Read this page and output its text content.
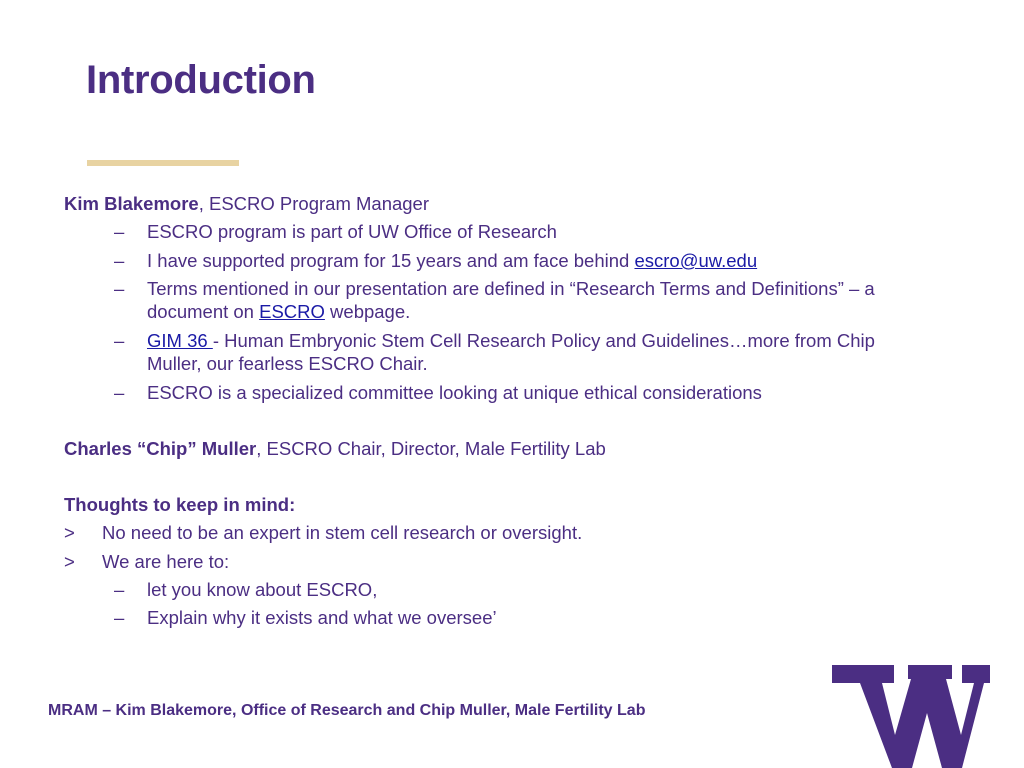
Introduction
Kim Blakemore, ESCRO Program Manager
– ESCRO program is part of UW Office of Research
– I have supported program for 15 years and am face behind escro@uw.edu
– Terms mentioned in our presentation are defined in “Research Terms and Definitions” – a
document on ESCRO webpage.
– GIM 36 - Human Embryonic Stem Cell Research Policy and Guidelines…more from Chip
Muller, our fearless ESCRO Chair.
– ESCRO is a specialized committee looking at unique ethical considerations
Charles “Chip” Muller, ESCRO Chair, Director, Male Fertility Lab
Thoughts to keep in mind:
> No need to be an expert in stem cell research or oversight.
> We are here to:
– let you know about ESCRO,
– Explain why it exists and what we oversee’
MRAM – Kim Blakemore, Office of Research and Chip Muller, Male Fertility Lab
